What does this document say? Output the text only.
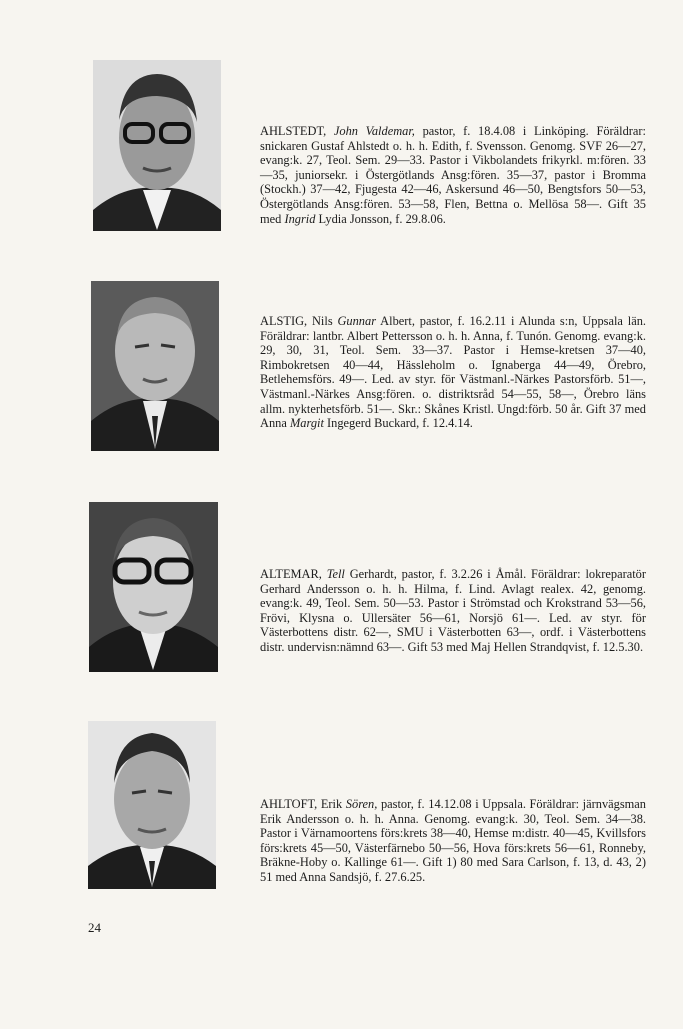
AHLSTEDT, John Valdemar, pastor, f. 18.4.08 i Linköping. Föräldrar: snickaren Gustaf Ahlstedt o. h. h. Edith, f. Svensson. Genomg. SVF 26—27, evang:k. 27, Teol. Sem. 29—33. Pastor i Vikbolandets frikyrkl. m:fören. 33—35, juniorsekr. i Östergötlands Ansg:fören. 35—37, pastor i Bromma (Stockh.) 37—42, Fjugesta 42—46, Askersund 46—50, Bengtsfors 50—53, Östergötlands Ansg:fören. 53—58, Flen, Bettna o. Mellösa 58—. Gift 35 med Ingrid Lydia Jonsson, f. 29.8.06.
ALSTIG, Nils Gunnar Albert, pastor, f. 16.2.11 i Alunda s:n, Uppsala län. Föräldrar: lantbr. Albert Pettersson o. h. h. Anna, f. Tunón. Genomg. evang:k. 29, 30, 31, Teol. Sem. 33—37. Pastor i Hemse-kretsen 37—40, Rimbokretsen 40—44, Hässleholm o. Ignaberga 44—49, Örebro, Betlehemsförs. 49—. Led. av styr. för Västmanl.-Närkes Pastorsförb. 51—, Västmanl.-Närkes Ansg:fören. o. distriktsråd 54—55, 58—, Örebro läns allm. nykterhetsförb. 51—. Skr.: Skånes Kristl. Ungd:förb. 50 år. Gift 37 med Anna Margit Ingegerd Buckard, f. 12.4.14.
ALTEMAR, Tell Gerhardt, pastor, f. 3.2.26 i Åmål. Föräldrar: lokreparatör Gerhard Andersson o. h. h. Hilma, f. Lind. Avlagt realex. 42, genomg. evang:k. 49, Teol. Sem. 50—53. Pastor i Strömstad och Krokstrand 53—56, Frövi, Klysna o. Ullersäter 56—61, Norsjö 61—. Led. av styr. för Västerbottens distr. 62—, SMU i Västerbotten 63—, ordf. i Västerbottens distr. undervisn:nämnd 63—. Gift 53 med Maj Hellen Strandqvist, f. 12.5.30.
AHLTOFT, Erik Sören, pastor, f. 14.12.08 i Uppsala. Föräldrar: järnvägsman Erik Andersson o. h. h. Anna. Genomg. evang:k. 30, Teol. Sem. 34—38. Pastor i Värnamoortens förs:krets 38—40, Hemse m:distr. 40—45, Kvillsfors förs:krets 45—50, Västerfärnebo 50—56, Hova förs:krets 56—61, Ronneby, Bräkne-Hoby o. Kallinge 61—. Gift 1) 80 med Sara Carlson, f. 13, d. 43, 2) 51 med Anna Sandsjö, f. 27.6.25.
24
